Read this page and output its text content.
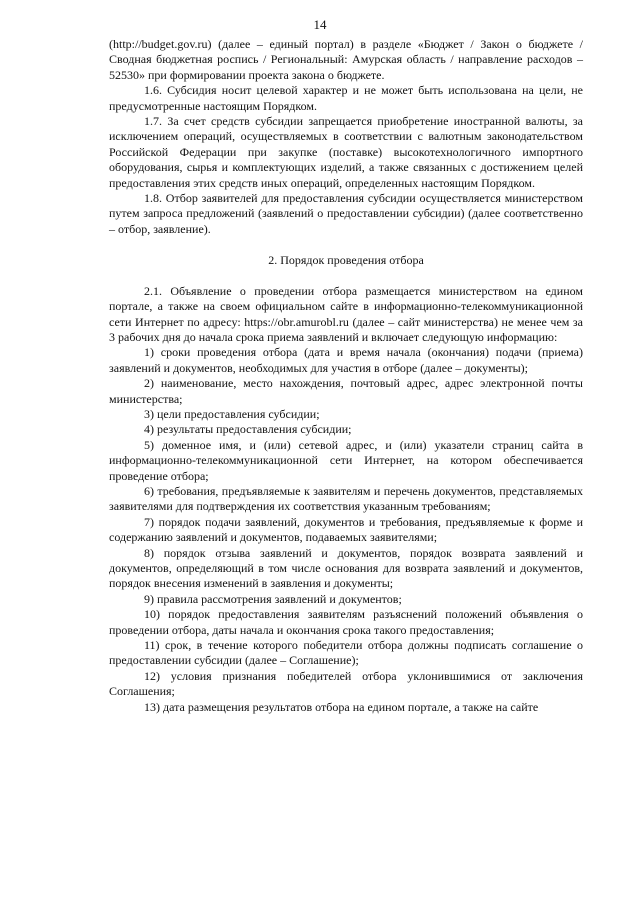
14

(http://budget.gov.ru) (далее – единый портал) в разделе «Бюджет / Закон о бюджете / Сводная бюджетная роспись / Региональный: Амурская область / направление расходов – 52530» при формировании проекта закона о бюджете.

1.6. Субсидия носит целевой характер и не может быть использована на цели, не предусмотренные настоящим Порядком.

1.7. За счет средств субсидии запрещается приобретение иностранной валюты, за исключением операций, осуществляемых в соответствии с валютным законодательством Российской Федерации при закупке (поставке) высокотехнологичного импортного оборудования, сырья и комплектующих изделий, а также связанных с достижением целей предоставления этих средств иных операций, определенных настоящим Порядком.

1.8. Отбор заявителей для предоставления субсидии осуществляется министерством путем запроса предложений (заявлений о предоставлении субсидии) (далее соответственно – отбор, заявление).

2. Порядок проведения отбора

2.1. Объявление о проведении отбора размещается министерством на едином портале, а также на своем официальном сайте в информационно-телекоммуникационной сети Интернет по адресу: https://obr.amurobl.ru (далее – сайт министерства) не менее чем за 3 рабочих дня до начала срока приема заявлений и включает следующую информацию:

1) сроки проведения отбора (дата и время начала (окончания) подачи (приема) заявлений и документов, необходимых для участия в отборе (далее – документы);

2) наименование, место нахождения, почтовый адрес, адрес электронной почты министерства;

3) цели предоставления субсидии;

4) результаты предоставления субсидии;

5) доменное имя, и (или) сетевой адрес, и (или) указатели страниц сайта в информационно-телекоммуникационной сети Интернет, на котором обеспечивается проведение отбора;

6) требования, предъявляемые к заявителям и перечень документов, представляемых заявителями для подтверждения их соответствия указанным требованиям;

7) порядок подачи заявлений, документов и требования, предъявляемые к форме и содержанию заявлений и документов, подаваемых заявителями;

8) порядок отзыва заявлений и документов, порядок возврата заявлений и документов, определяющий в том числе основания для возврата заявлений и документов, порядок внесения изменений в заявления и документы;

9) правила рассмотрения заявлений и документов;

10) порядок предоставления заявителям разъяснений положений объявления о проведении отбора, даты начала и окончания срока такого предоставления;

11) срок, в течение которого победители отбора должны подписать соглашение о предоставлении субсидии (далее – Соглашение);

12) условия признания победителей отбора уклонившимися от заключения Соглашения;

13) дата размещения результатов отбора на едином портале, а также на сайте
